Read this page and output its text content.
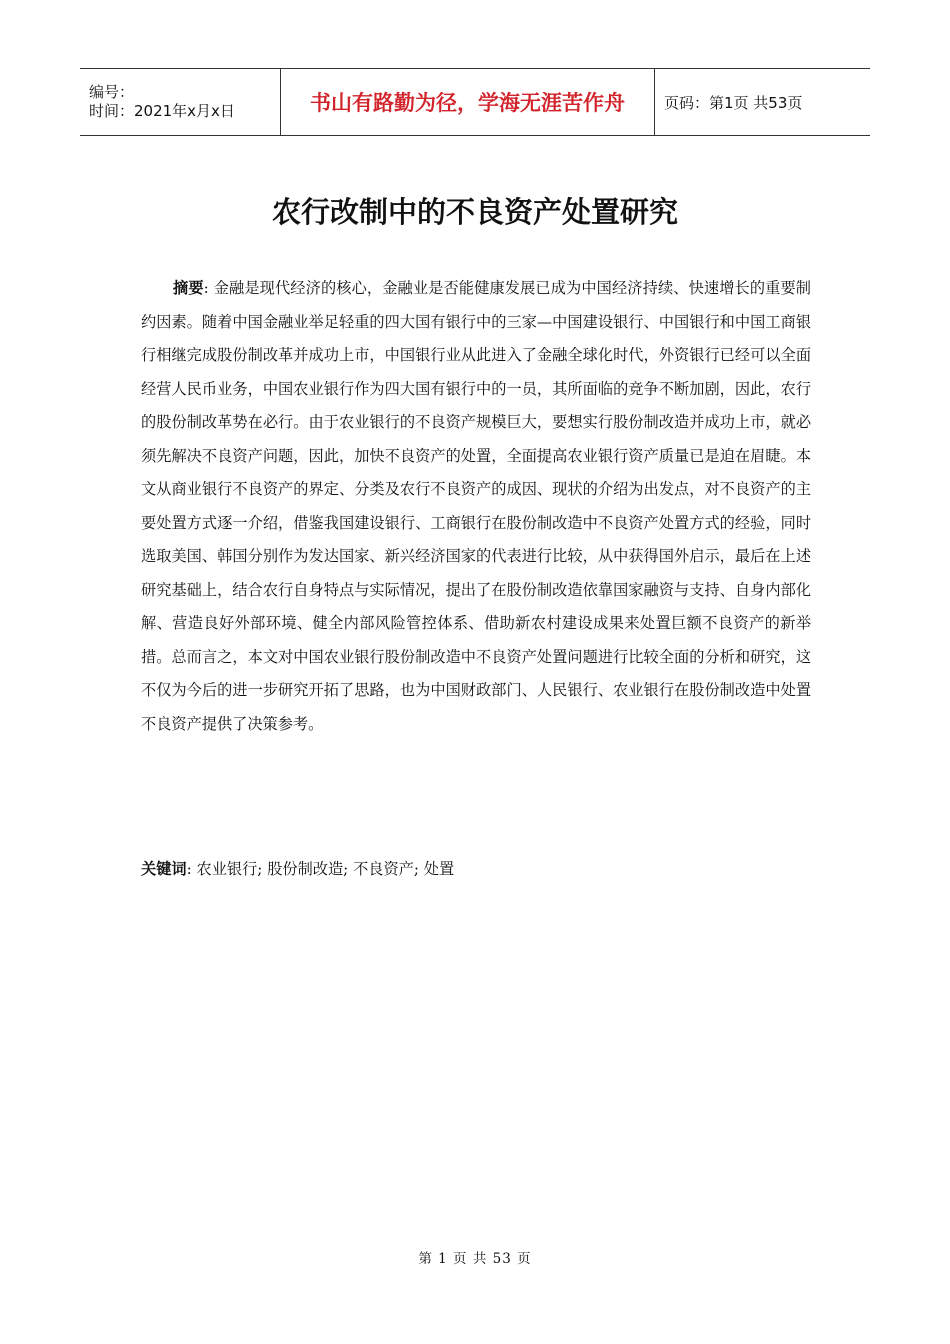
编号：
时间：2021年x月x日	书山有路勤为径，学海无涯苦作舟	页码：第1页 共53页
农行改制中的不良资产处置研究
摘要: 金融是现代经济的核心，金融业是否能健康发展已成为中国经济持续、快速增长的重要制约因素。随着中国金融业举足轻重的四大国有银行中的三家—中国建设银行、中国银行和中国工商银行相继完成股份制改革并成功上市，中国银行业从此进入了金融全球化时代，外资银行已经可以全面经营人民币业务，中国农业银行作为四大国有银行中的一员，其所面临的竞争不断加剧，因此，农行的股份制改革势在必行。由于农业银行的不良资产规模巨大，要想实行股份制改造并成功上市，就必须先解决不良资产问题，因此，加快不良资产的处置，全面提高农业银行资产质量已是迫在眉睫。本文从商业银行不良资产的界定、分类及农行不良资产的成因、现状的介绍为出发点，对不良资产的主要处置方式逐一介绍，借鉴我国建设银行、工商银行在股份制改造中不良资产处置方式的经验，同时选取美国、韩国分别作为发达国家、新兴经济国家的代表进行比较，从中获得国外启示，最后在上述研究基础上，结合农行自身特点与实际情况，提出了在股份制改造依靠国家融资与支持、自身内部化解、营造良好外部环境、健全内部风险管控体系、借助新农村建设成果来处置巨额不良资产的新举措。总而言之，本文对中国农业银行股份制改造中不良资产处置问题进行比较全面的分析和研究，这不仅为今后的进一步研究开拓了思路，也为中国财政部门、人民银行、农业银行在股份制改造中处置不良资产提供了决策参考。
关键词: 农业银行; 股份制改造; 不良资产; 处置
第 1 页 共 53 页
